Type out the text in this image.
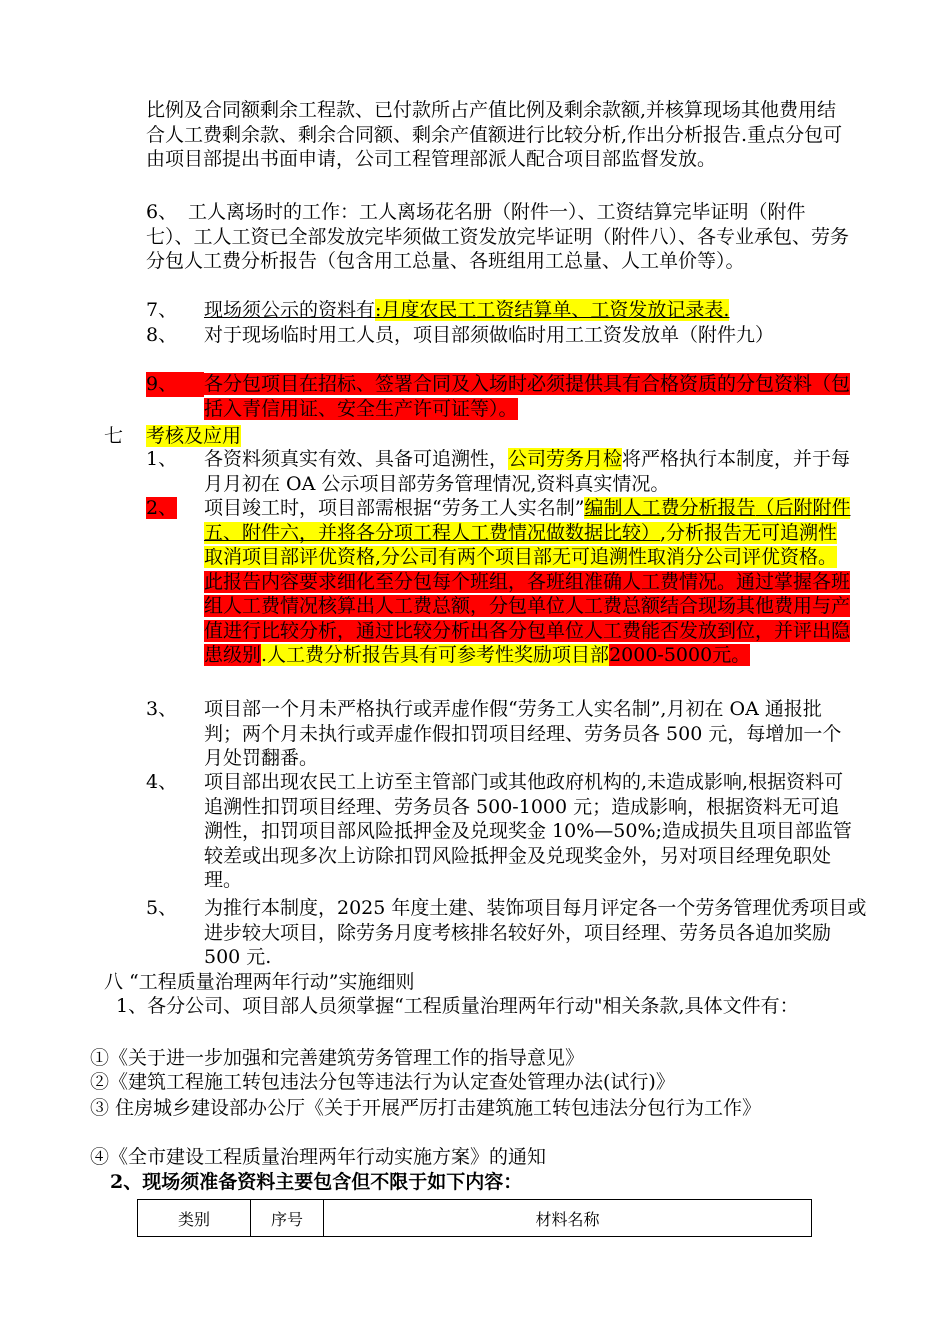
比例及合同额剩余工程款、已付款所占产值比例及剩余款额,并核算现场其他费用结合人工费剩余款、剩余合同额、剩余产值额进行比较分析,作出分析报告.重点分包可由项目部提出书面申请，公司工程管理部派人配合项目部监督发放。
6、 工人离场时的工作：工人离场花名册（附件一）、工资结算完毕证明（附件七）、工人工资已全部发放完毕须做工资发放完毕证明（附件八）、各专业承包、劳务分包人工费分析报告（包含用工总量、各班组用工总量、人工单价等）。
7、 现场须公示的资料有:月度农民工工资结算单、工资发放记录表.
8、 对于现场临时用工人员，项目部须做临时用工工资发放单（附件九）
9、	各分包项目在招标、签署合同及入场时必须提供具有合格资质的分包资料（包括入青信用证、安全生产许可证等）。
七 考核及应用
1、 各资料须真实有效、具备可追溯性，公司劳务月检将严格执行本制度，并于每月月初在 OA 公示项目部劳务管理情况,资料真实情况。
2、 项目竣工时，项目部需根据“劳务工人实名制”编制人工费分析报告（后附附件五、附件六，并将各分项工程人工费情况做数据比较）,分析报告无可追溯性取消项目部评优资格,分公司有两个项目部无可追溯性取消分公司评优资格。此报告内容要求细化至分包每个班组，各班组准确人工费情况。通过掌握各班组人工费情况核算出人工费总额，分包单位人工费总额结合现场其他费用与产值进行比较分析，通过比较分析出各分包单位人工费能否发放到位，并评出隐患级别.人工费分析报告具有可参考性奖励项目部2000-5000元。
3、 项目部一个月未严格执行或弄虚作假“劳务工人实名制”,月初在 OA 通报批判；两个月未执行或弄虚作假扣罚项目经理、劳务员各 500 元，每增加一个月处罚翻番。
4、 项目部出现农民工上访至主管部门或其他政府机构的,未造成影响,根据资料可追溯性扣罚项目经理、劳务员各 500-1000 元；造成影响，根据资料无可追溯性，扣罚项目部风险抵押金及兑现奖金 10%—50%;造成损失且项目部监管较差或出现多次上访除扣罚风险抵押金及兑现奖金外，另对项目经理免职处理。
5、 为推行本制度，2025 年度土建、装饰项目每月评定各一个劳务管理优秀项目或进步较大项目，除劳务月度考核排名较好外，项目经理、劳务员各追加奖励 500 元.
八 “工程质量治理两年行动”实施细则
1、各分公司、项目部人员须掌握“工程质量治理两年行动"相关条款,具体文件有：
①《关于进一步加强和完善建筑劳务管理工作的指导意见》
②《建筑工程施工转包违法分包等违法行为认定查处管理办法(试行)》
③ 住房城乡建设部办公厅《关于开展严厉打击建筑施工转包违法分包行为工作》
④《全市建设工程质量治理两年行动实施方案》的通知
2、现场须准备资料主要包含但不限于如下内容：
类别	序号	材料名称
